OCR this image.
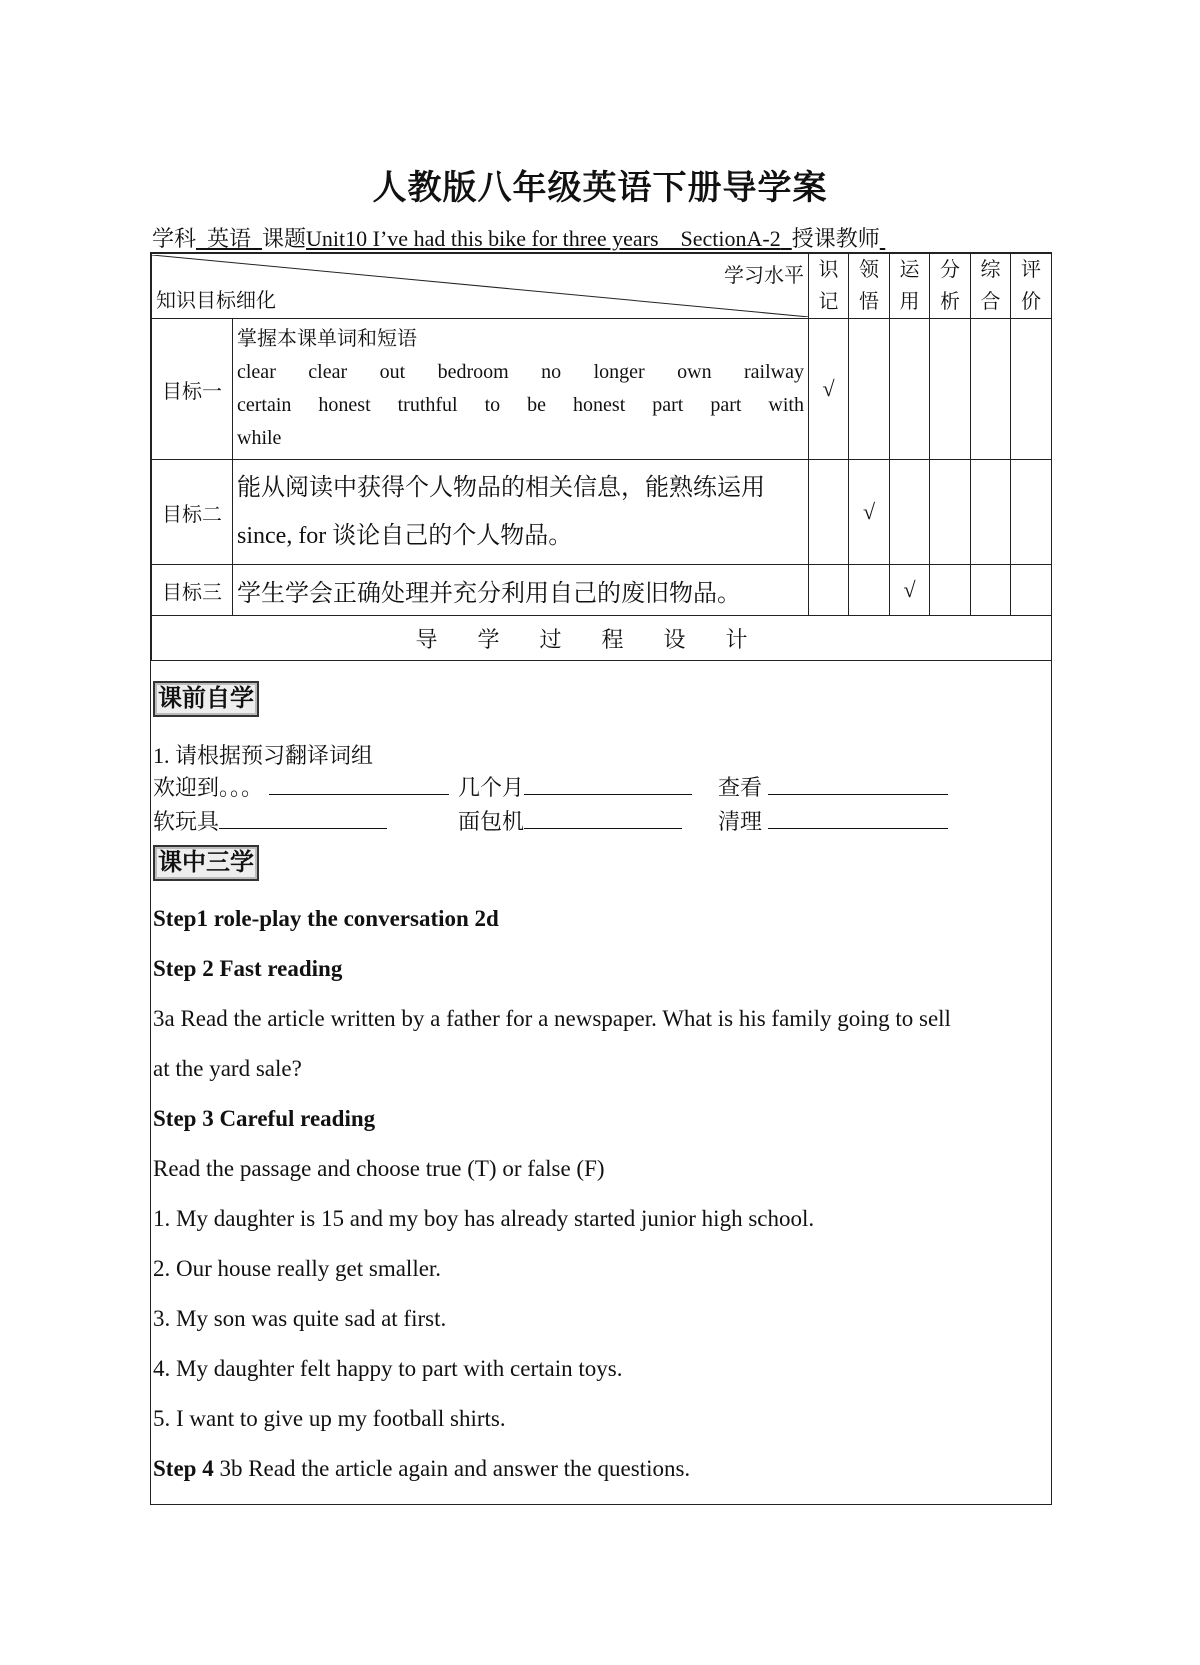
人教版八年级英语下册导学案
学科 英语 课题Unit10 I’ve had this bike for three years SectionA-2 授课教师
学习水平
知识目标细化		识记	领悟	运用	分析	综合	评价

目标一	掌握本课单词和短语
clear clear out bedroom no longer own railway
certain honest truthful to be honest part part with
while	√					
目标二	能从阅读中获得个人物品的相关信息，能熟练运用since, for 谈论自己的个人物品。		√				
目标三	学生学会正确处理并充分利用自己的废旧物品。			√			
导学过程设计							
课前自学
1. 请根据预习翻译词组
欢迎到。。。	几个月	查看
软玩具	面包机	清理
课中三学
Step1 role-play the conversation 2d
Step 2 Fast reading
3a Read the article written by a father for a newspaper. What is his family going to sell
at the yard sale?
Step 3 Careful reading
Read the passage and choose true (T) or false (F)
1. My daughter is 15 and my boy has already started junior high school.
2. Our house really get smaller.
3. My son was quite sad at first.
4. My daughter felt happy to part with certain toys.
5. I want to give up my football shirts.
Step 4 3b Read the article again and answer the questions.
